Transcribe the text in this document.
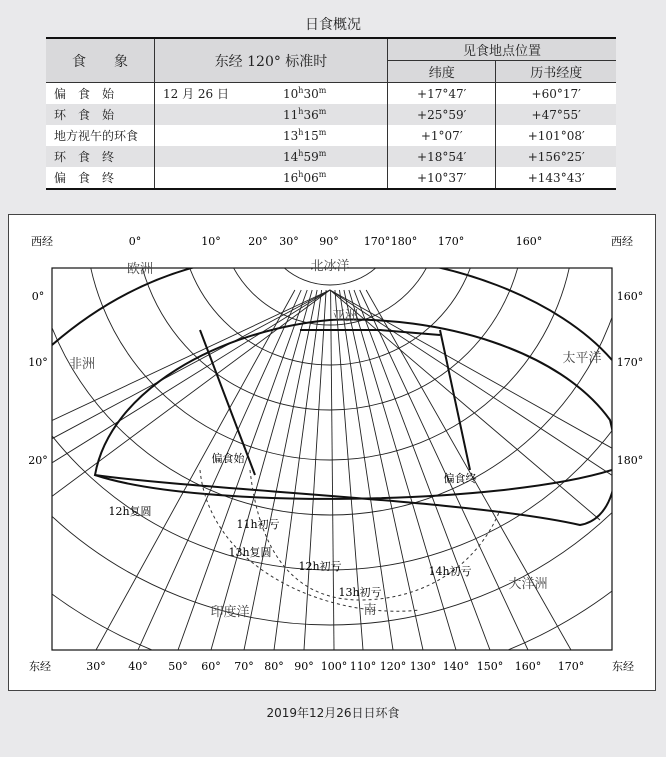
日食概况
食　　象	东经 120° 标准时	见食地点位置	
		纬度	历书经度
偏　食　始	12 月 26 日 $10^h30^m$	+17°47′	+60°17′
环　食　始	$11^h36^m$	+25°59′	+47°55′
地方视午的环食	$13^h15^m$	+1°07′	+101°08′
环　食　终	$14^h59^m$	+18°54′	+156°25′
偏　食　终	$16^h06^m$	+10°37′	+143°43′
西经	0°	10°	20° 30° 90° 170° 180° 170°	160°	西经
东经	30° 40° 50° 60° 70° 80° 90° 100° 110° 120° 130° 140° 150° 160° 170°	东经
0°
10°
20°
160°
170°
180°
欧洲	北冰洋
亚洲
非洲	太平洋
印度洋
大洋洲
南
偏食始
偏食终
11h初亏
12h复圆
13h复圆
12h初亏
13h初亏
14h初亏
2019年12月26日日环食
